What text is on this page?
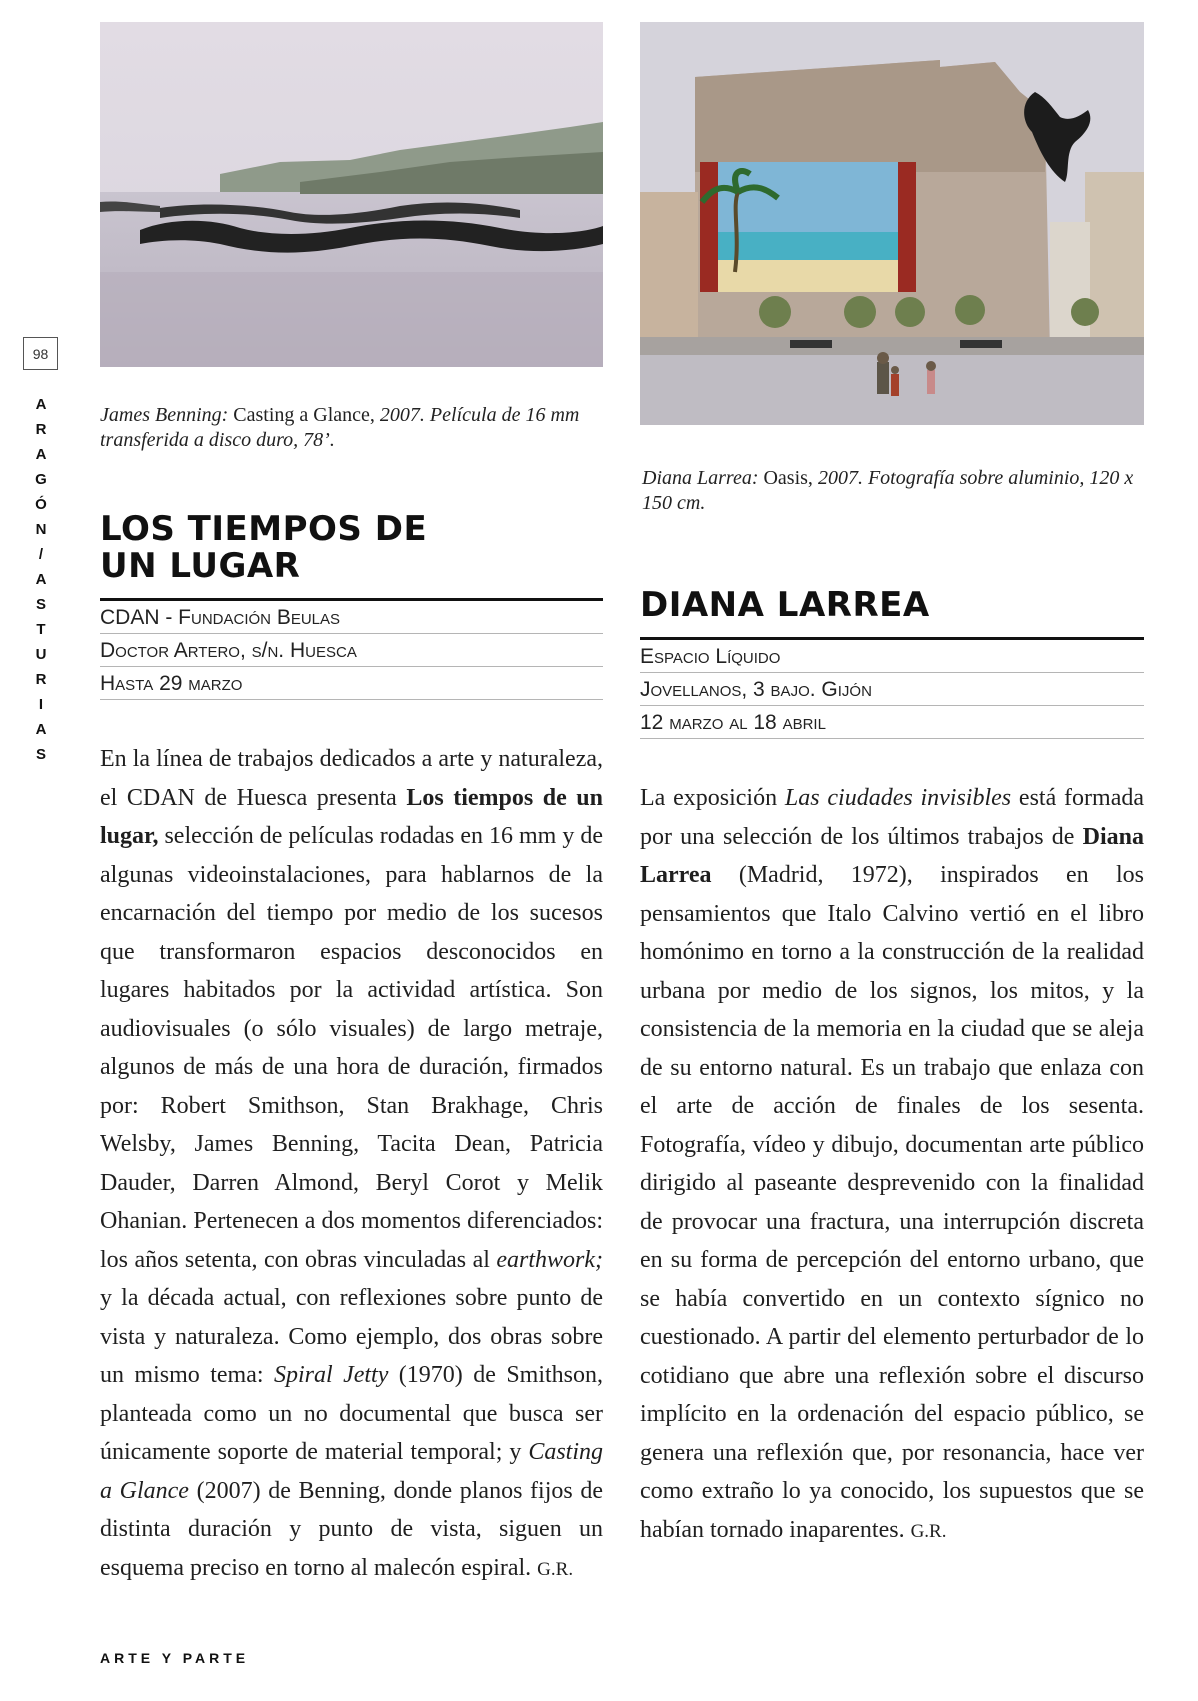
98
A
R
A
G
Ó
N
/
A
S
T
U
R
I
A
S
James Benning: Casting a Glance, 2007. Película de 16 mm transferida a disco duro, 78’.
LOS TIEMPOS DE
UN LUGAR
CDAN - Fundación Beulas
Doctor Artero, s/n. Huesca
Hasta 29 marzo

En la línea de trabajos dedicados a arte y naturaleza, el CDAN de Huesca presenta Los tiempos de un lugar, selección de películas rodadas en 16 mm y de algunas videoinstalaciones, para hablarnos de la encarnación del tiempo por medio de los sucesos que transformaron espacios desconocidos en lugares habitados por la actividad artística. Son audiovisuales (o sólo visuales) de largo metraje, algunos de más de una hora de duración, firmados por: Robert Smithson, Stan Brakhage, Chris Welsby, James Benning, Tacita Dean, Patricia Dauder, Darren Almond, Beryl Corot y Melik Ohanian. Pertenecen a dos momentos diferenciados: los años setenta, con obras vinculadas al earthwork; y la década actual, con reflexiones sobre punto de vista y naturaleza. Como ejemplo, dos obras sobre un mismo tema: Spiral Jetty (1970) de Smithson, planteada como un no documental que busca ser únicamente soporte de material temporal; y Casting a Glance (2007) de Benning, donde planos fijos de distinta duración y punto de vista, siguen un esquema preciso en torno al malecón espiral. G.R.

Diana Larrea: Oasis, 2007. Fotografía sobre aluminio, 120 x 150 cm.
DIANA LARREA
Espacio Líquido
Jovellanos, 3 bajo. Gijón
12 marzo al 18 abril

La exposición Las ciudades invisibles está formada por una selección de los últimos trabajos de Diana Larrea (Madrid, 1972), inspirados en los pensamientos que Italo Calvino vertió en el libro homónimo en torno a la construcción de la realidad urbana por medio de los signos, los mitos, y la consistencia de la memoria en la ciudad que se aleja de su entorno natural. Es un trabajo que enlaza con el arte de acción de finales de los sesenta. Fotografía, vídeo y dibujo, documentan arte público dirigido al paseante desprevenido con la finalidad de provocar una fractura, una interrupción discreta en su forma de percepción del entorno urbano, que se había convertido en un contexto sígnico no cuestionado. A partir del elemento perturbador de lo cotidiano que abre una reflexión sobre el discurso implícito en la ordenación del espacio público, se genera una reflexión que, por resonancia, hace ver como extraño lo ya conocido, los supuestos que se habían tornado inaparentes. G.R.

ARTE Y PARTE
